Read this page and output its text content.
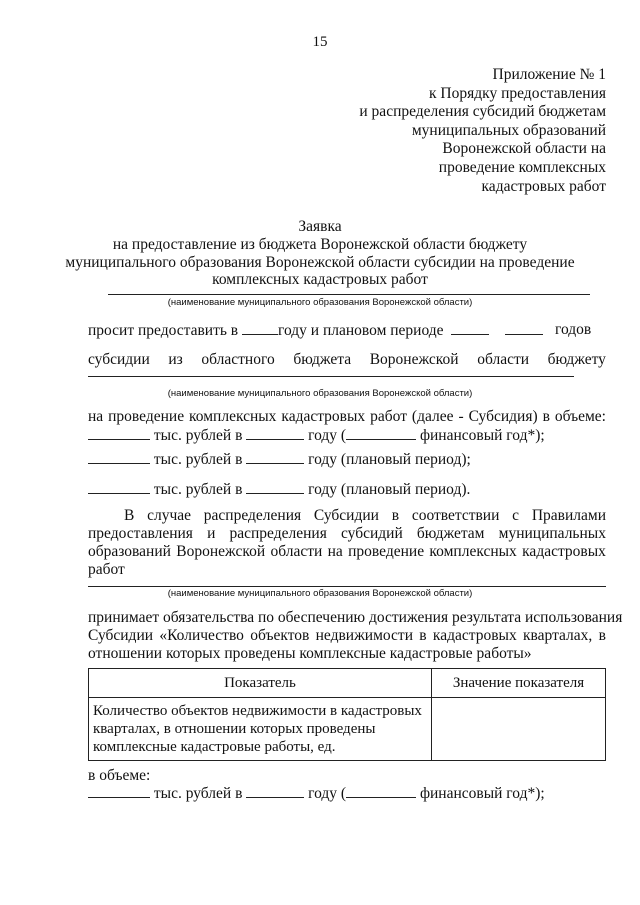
15
Приложение № 1
к Порядку предоставления
и распределения субсидий бюджетам
муниципальных образований
Воронежской области на
проведение комплексных
кадастровых работ
Заявка
на предоставление из бюджета Воронежской области бюджету
муниципального образования Воронежской области субсидии на проведение
комплексных кадастровых работ
(наименование муниципального образования Воронежской области)
просит предоставить в	году и плановом периоде	годов
субсидии из областного бюджета Воронежской области бюджету
(наименование муниципального образования Воронежской области)
на проведение комплексных кадастровых работ (далее - Субсидия) в объеме:
тыс. рублей в	году (	финансовый год*);
тыс. рублей в	году (плановый период);
тыс. рублей в	году (плановый период).
В случае распределения Субсидии в соответствии с Правилами
предоставления и распределения субсидий бюджетам муниципальных
образований Воронежской области на проведение комплексных кадастровых
работ
(наименование муниципального образования Воронежской области)
принимает обязательства по обеспечению достижения результата использования
Субсидии «Количество объектов недвижимости в кадастровых кварталах, в
отношении которых проведены комплексные кадастровые работы»
Показатель	Значение показателя

Количество объектов недвижимости в кадастровых
кварталах, в отношении которых проведены
комплексные кадастровые работы, ед.	

в объеме:
тыс. рублей в	году (	финансовый год*);
